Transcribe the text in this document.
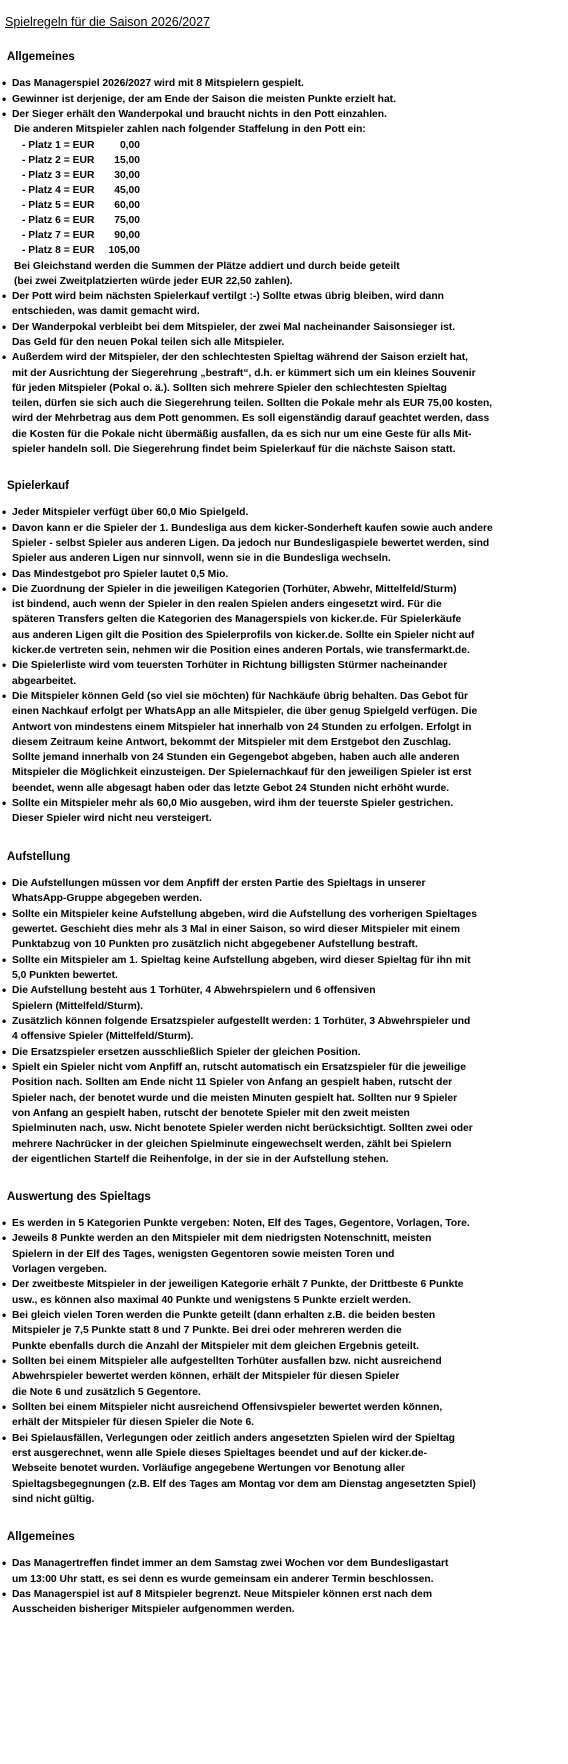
Spielregeln für die Saison 2026/2027
Allgemeines
• Das Managerspiel 2026/2027 wird mit 8 Mitspielern gespielt.
• Gewinner ist derjenige, der am Ende der Saison die meisten Punkte erzielt hat.
• Der Sieger erhält den Wanderpokal und braucht nichts in den Pott einzahlen.
Die anderen Mitspieler zahlen nach folgender Staffelung in den Pott ein:
- Platz 1 = EUR	0,00
- Platz 2 = EUR	15,00
- Platz 3 = EUR	30,00
- Platz 4 = EUR	45,00
- Platz 5 = EUR	60,00
- Platz 6 = EUR	75,00
- Platz 7 = EUR	90,00
- Platz 8 = EUR	105,00
Bei Gleichstand werden die Summen der Plätze addiert und durch beide geteilt
(bei zwei Zweitplatzierten würde jeder EUR 22,50 zahlen).
• Der Pott wird beim nächsten Spielerkauf vertilgt :-) Sollte etwas übrig bleiben, wird dann
entschieden, was damit gemacht wird.
• Der Wanderpokal verbleibt bei dem Mitspieler, der zwei Mal nacheinander Saisonsieger ist.
Das Geld für den neuen Pokal teilen sich alle Mitspieler.
• Außerdem wird der Mitspieler, der den schlechtesten Spieltag während der Saison erzielt hat,
mit der Ausrichtung der Siegerehrung „bestraft“, d.h. er kümmert sich um ein kleines Souvenir
für jeden Mitspieler (Pokal o. ä.). Sollten sich mehrere Spieler den schlechtesten Spieltag
teilen, dürfen sie sich auch die Siegerehrung teilen. Sollten die Pokale mehr als EUR 75,00 kosten,
wird der Mehrbetrag aus dem Pott genommen. Es soll eigenständig darauf geachtet werden, dass
die Kosten für die Pokale nicht übermäßig ausfallen, da es sich nur um eine Geste für alls Mit-
spieler handeln soll. Die Siegerehrung findet beim Spielerkauf für die nächste Saison statt.
Spielerkauf
• Jeder Mitspieler verfügt über 60,0 Mio Spielgeld.
• Davon kann er die Spieler der 1. Bundesliga aus dem kicker-Sonderheft kaufen sowie auch andere
Spieler - selbst Spieler aus anderen Ligen. Da jedoch nur Bundesligaspiele bewertet werden, sind
Spieler aus anderen Ligen nur sinnvoll, wenn sie in die Bundesliga wechseln.
• Das Mindestgebot pro Spieler lautet 0,5 Mio.
• Die Zuordnung der Spieler in die jeweiligen Kategorien (Torhüter, Abwehr, Mittelfeld/Sturm)
ist bindend, auch wenn der Spieler in den realen Spielen anders eingesetzt wird. Für die
späteren Transfers gelten die Kategorien des Managerspiels von kicker.de. Für Spielerkäufe
aus anderen Ligen gilt die Position des Spielerprofils von kicker.de. Sollte ein Spieler nicht auf
kicker.de vertreten sein, nehmen wir die Position eines anderen Portals, wie transfermarkt.de.
• Die Spielerliste wird vom teuersten Torhüter in Richtung billigsten Stürmer nacheinander
abgearbeitet.
• Die Mitspieler können Geld (so viel sie möchten) für Nachkäufe übrig behalten. Das Gebot für
einen Nachkauf erfolgt per WhatsApp an alle Mitspieler, die über genug Spielgeld verfügen. Die
Antwort von mindestens einem Mitspieler hat innerhalb von 24 Stunden zu erfolgen. Erfolgt in
diesem Zeitraum keine Antwort, bekommt der Mitspieler mit dem Erstgebot den Zuschlag.
Sollte jemand innerhalb von 24 Stunden ein Gegengebot abgeben, haben auch alle anderen
Mitspieler die Möglichkeit einzusteigen. Der Spielernachkauf für den jeweiligen Spieler ist erst
beendet, wenn alle abgesagt haben oder das letzte Gebot 24 Stunden nicht erhöht wurde.
• Sollte ein Mitspieler mehr als 60,0 Mio ausgeben, wird ihm der teuerste Spieler gestrichen.
Dieser Spieler wird nicht neu versteigert.
Aufstellung
• Die Aufstellungen müssen vor dem Anpfiff der ersten Partie des Spieltags in unserer
WhatsApp-Gruppe abgegeben werden.
• Sollte ein Mitspieler keine Aufstellung abgeben, wird die Aufstellung des vorherigen Spieltages
gewertet. Geschieht dies mehr als 3 Mal in einer Saison, so wird dieser Mitspieler mit einem
Punktabzug von 10 Punkten pro zusätzlich nicht abgegebener Aufstellung bestraft.
• Sollte ein Mitspieler am 1. Spieltag keine Aufstellung abgeben, wird dieser Spieltag für ihn mit
5,0 Punkten bewertet.
• Die Aufstellung besteht aus 1 Torhüter, 4 Abwehrspielern und 6 offensiven
Spielern (Mittelfeld/Sturm).
• Zusätzlich können folgende Ersatzspieler aufgestellt werden: 1 Torhüter, 3 Abwehrspieler und
4 offensive Spieler (Mittelfeld/Sturm).
• Die Ersatzspieler ersetzen ausschließlich Spieler der gleichen Position.
• Spielt ein Spieler nicht vom Anpfiff an, rutscht automatisch ein Ersatzspieler für die jeweilige
Position nach. Sollten am Ende nicht 11 Spieler von Anfang an gespielt haben, rutscht der
Spieler nach, der benotet wurde und die meisten Minuten gespielt hat. Sollten nur 9 Spieler
von Anfang an gespielt haben, rutscht der benotete Spieler mit den zweit meisten
Spielminuten nach, usw. Nicht benotete Spieler werden nicht berücksichtigt. Sollten zwei oder
mehrere Nachrücker in der gleichen Spielminute eingewechselt werden, zählt bei Spielern
der eigentlichen Startelf die Reihenfolge, in der sie in der Aufstellung stehen.
Auswertung des Spieltags
• Es werden in 5 Kategorien Punkte vergeben: Noten, Elf des Tages, Gegentore, Vorlagen, Tore.
• Jeweils 8 Punkte werden an den Mitspieler mit dem niedrigsten Notenschnitt, meisten
Spielern in der Elf des Tages, wenigsten Gegentoren sowie meisten Toren und
Vorlagen vergeben.
• Der zweitbeste Mitspieler in der jeweiligen Kategorie erhält 7 Punkte, der Drittbeste 6 Punkte
usw., es können also maximal 40 Punkte und wenigstens 5 Punkte erzielt werden.
• Bei gleich vielen Toren werden die Punkte geteilt (dann erhalten z.B. die beiden besten
Mitspieler je 7,5 Punkte statt 8 und 7 Punkte. Bei drei oder mehreren werden die
Punkte ebenfalls durch die Anzahl der Mitspieler mit dem gleichen Ergebnis geteilt.
• Sollten bei einem Mitspieler alle aufgestellten Torhüter ausfallen bzw. nicht ausreichend
Abwehrspieler bewertet werden können, erhält der Mitspieler für diesen Spieler
die Note 6 und zusätzlich 5 Gegentore.
• Sollten bei einem Mitspieler nicht ausreichend Offensivspieler bewertet werden können,
erhält der Mitspieler für diesen Spieler die Note 6.
• Bei Spielausfällen, Verlegungen oder zeitlich anders angesetzten Spielen wird der Spieltag
erst ausgerechnet, wenn alle Spiele dieses Spieltages beendet und auf der kicker.de-
Webseite benotet wurden. Vorläufige angegebene Wertungen vor Benotung aller
Spieltagsbegegnungen (z.B. Elf des Tages am Montag vor dem am Dienstag angesetzten Spiel)
sind nicht gültig.
Allgemeines
• Das Managertreffen findet immer an dem Samstag zwei Wochen vor dem Bundesligastart
um 13:00 Uhr statt, es sei denn es wurde gemeinsam ein anderer Termin beschlossen.
• Das Managerspiel ist auf 8 Mitspieler begrenzt. Neue Mitspieler können erst nach dem
Ausscheiden bisheriger Mitspieler aufgenommen werden.
